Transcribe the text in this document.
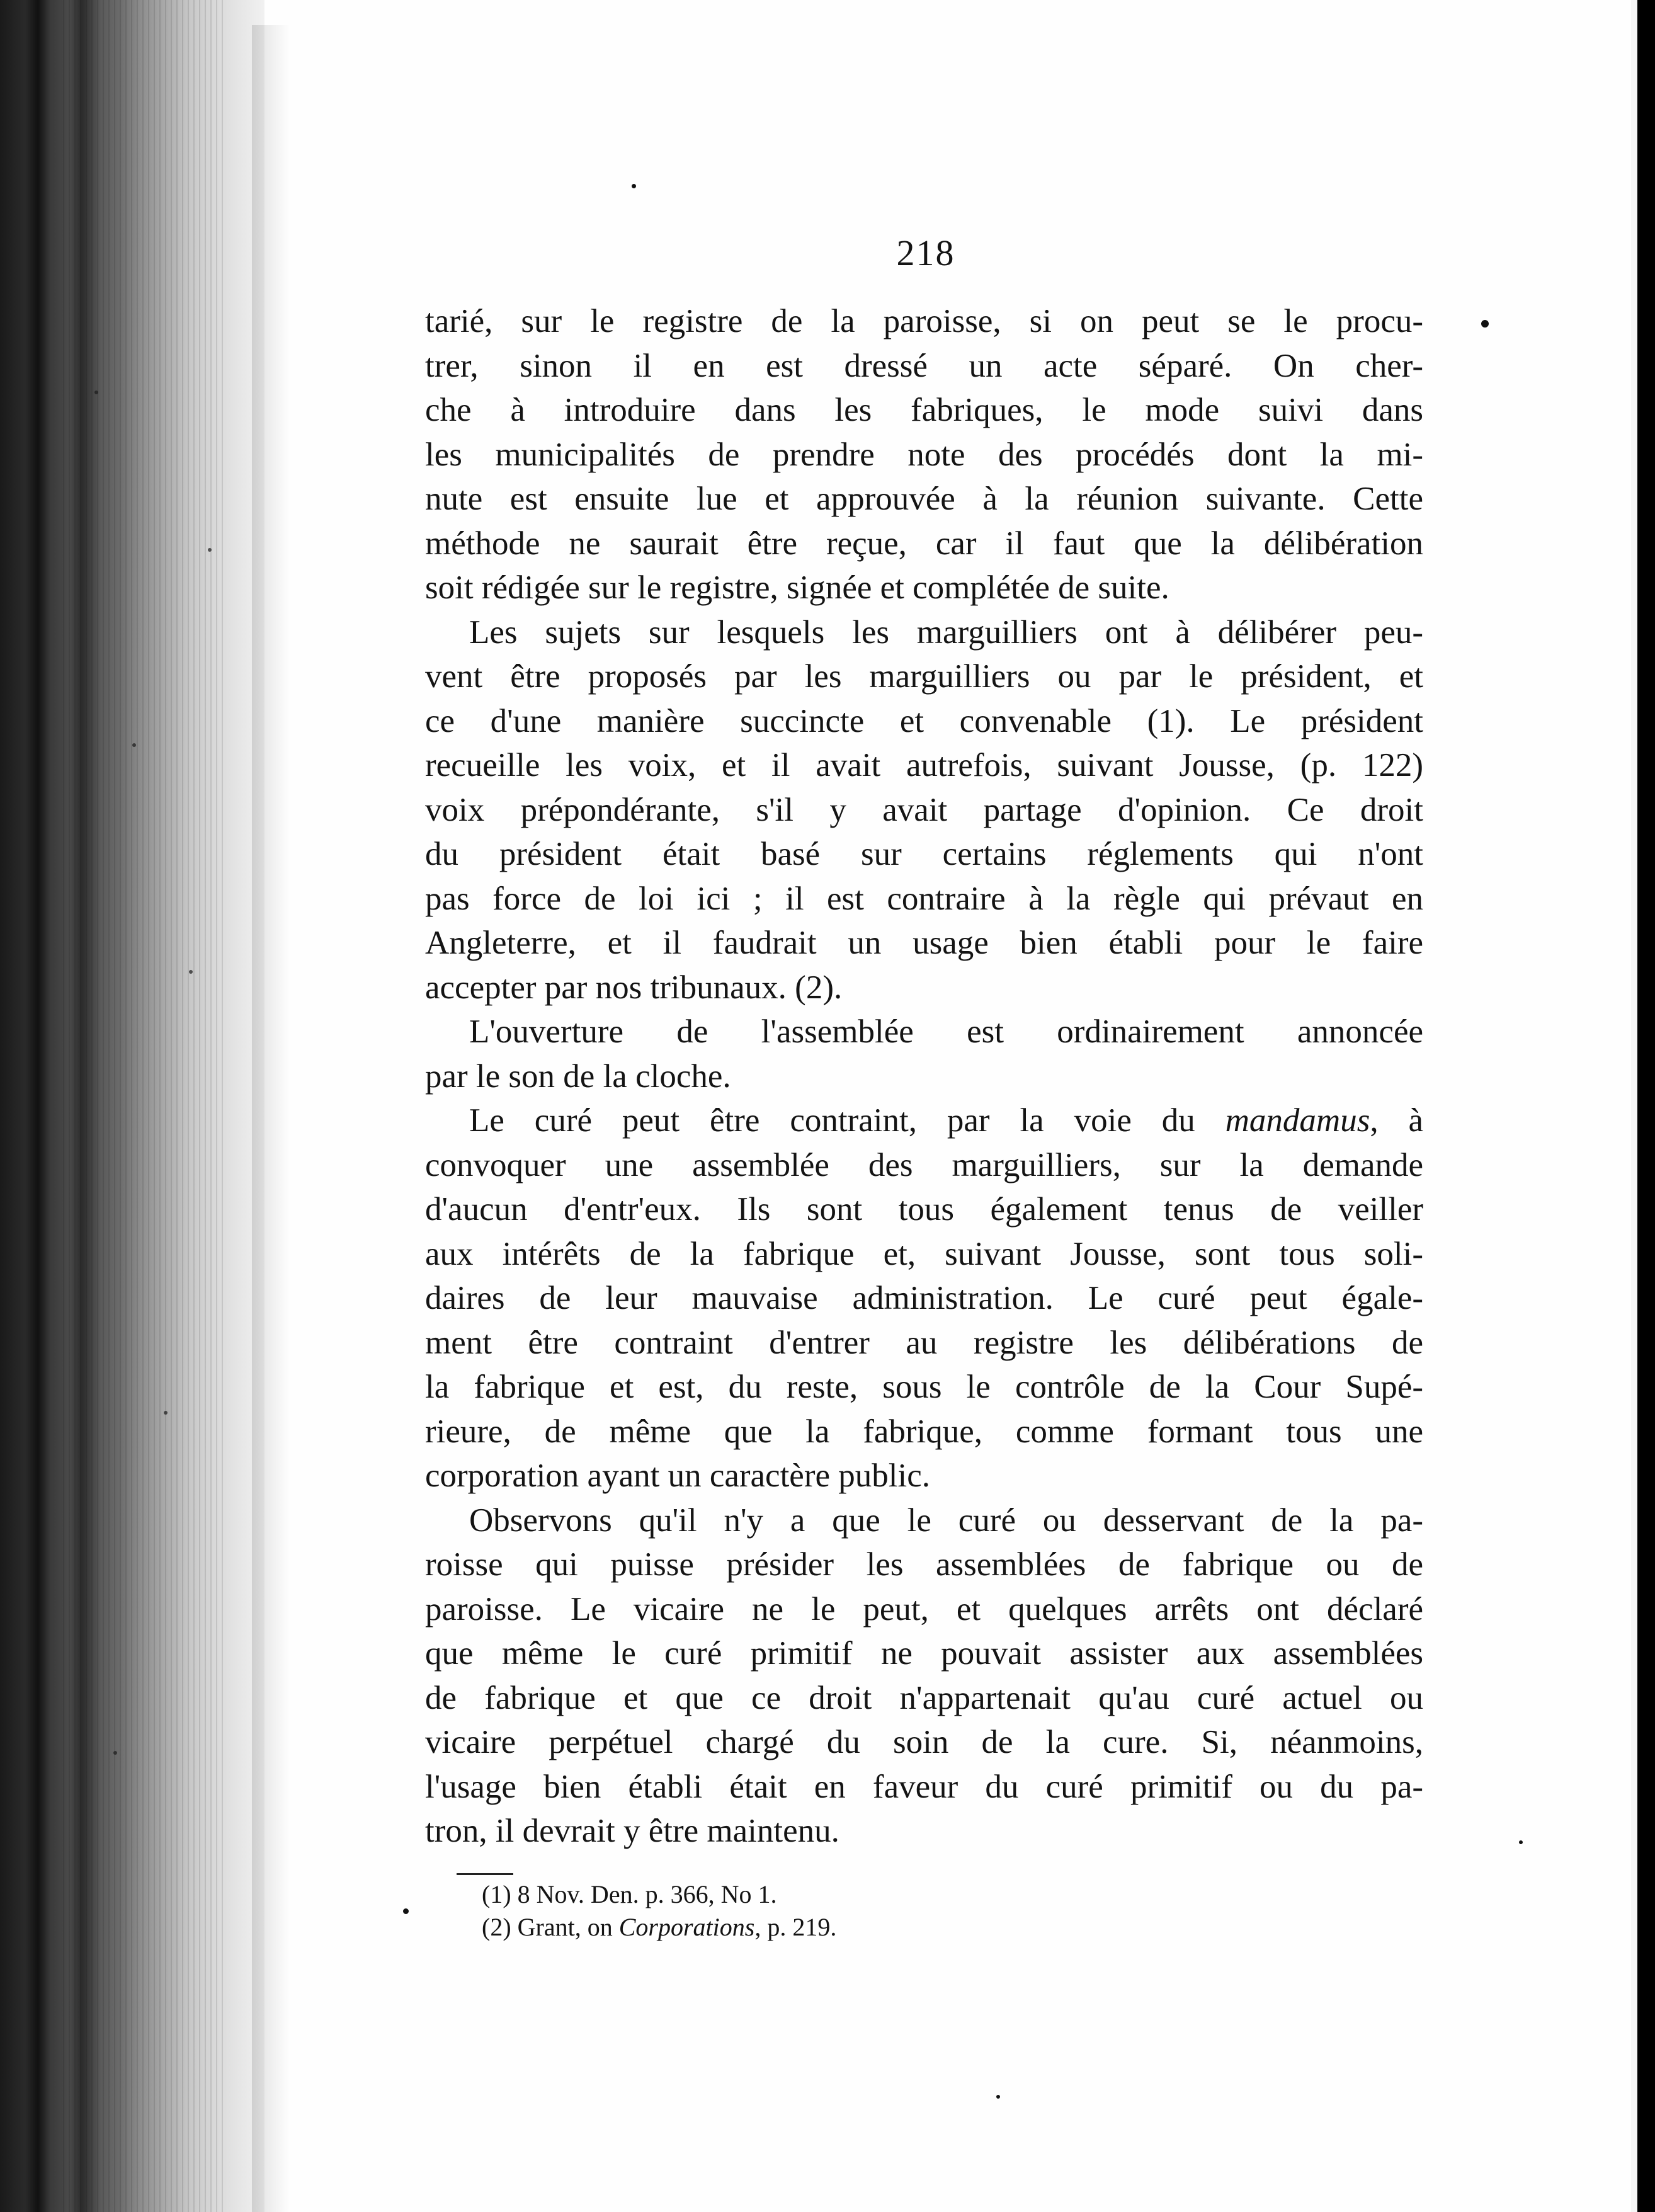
218
tarié, sur le registre de la paroisse, si on peut se le procu-
trer, sinon il en est dressé un acte séparé. On cher-
che à introduire dans les fabriques, le mode suivi dans
les municipalités de prendre note des procédés dont la mi-
nute est ensuite lue et approuvée à la réunion suivante. Cette
méthode ne saurait être reçue, car il faut que la délibération
soit rédigée sur le registre, signée et complétée de suite.
Les sujets sur lesquels les marguilliers ont à délibérer peu-
vent être proposés par les marguilliers ou par le président, et
ce d'une manière succincte et convenable (1). Le président
recueille les voix, et il avait autrefois, suivant Jousse, (p. 122)
voix prépondérante, s'il y avait partage d'opinion. Ce droit
du président était basé sur certains réglements qui n'ont
pas force de loi ici ; il est contraire à la règle qui prévaut en
Angleterre, et il faudrait un usage bien établi pour le faire
accepter par nos tribunaux. (2).
L'ouverture de l'assemblée est ordinairement annoncée
par le son de la cloche.
Le curé peut être contraint, par la voie du mandamus, à
convoquer une assemblée des marguilliers, sur la demande
d'aucun d'entr'eux. Ils sont tous également tenus de veiller
aux intérêts de la fabrique et, suivant Jousse, sont tous soli-
daires de leur mauvaise administration. Le curé peut égale-
ment être contraint d'entrer au registre les délibérations de
la fabrique et est, du reste, sous le contrôle de la Cour Supé-
rieure, de même que la fabrique, comme formant tous une
corporation ayant un caractère public.
Observons qu'il n'y a que le curé ou desservant de la pa-
roisse qui puisse présider les assemblées de fabrique ou de
paroisse. Le vicaire ne le peut, et quelques arrêts ont déclaré
que même le curé primitif ne pouvait assister aux assemblées
de fabrique et que ce droit n'appartenait qu'au curé actuel ou
vicaire perpétuel chargé du soin de la cure. Si, néanmoins,
l'usage bien établi était en faveur du curé primitif ou du pa-
tron, il devrait y être maintenu.
(1) 8 Nov. Den. p. 366, No 1.
(2) Grant, on Corporations, p. 219.
